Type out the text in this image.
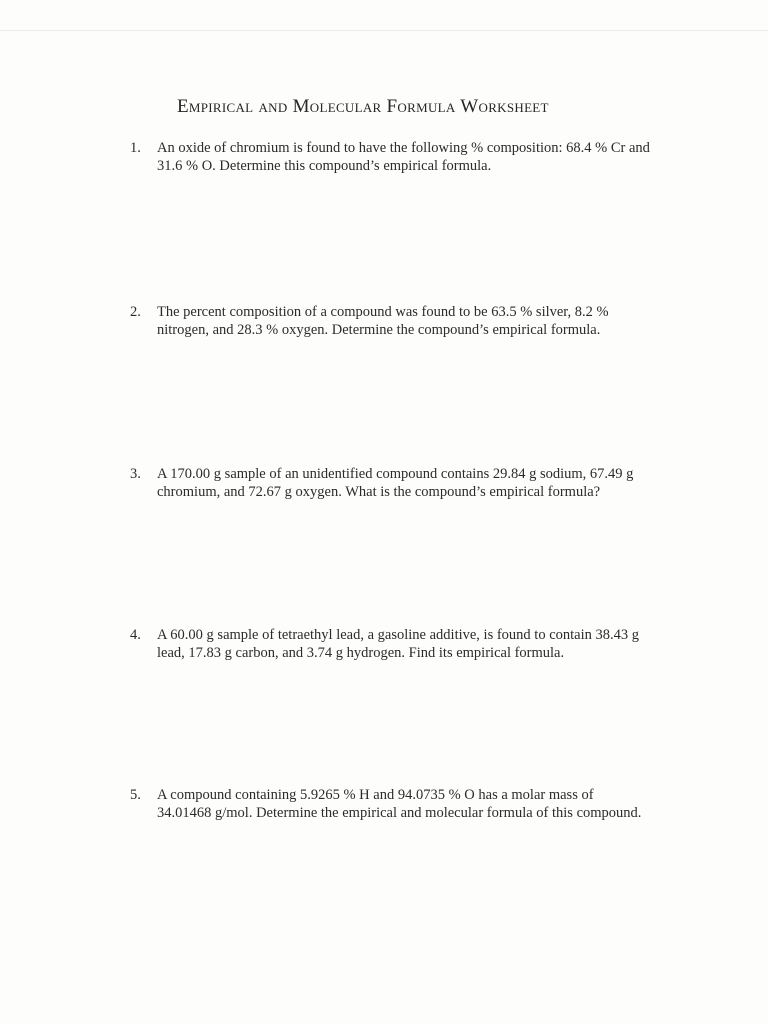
Empirical and Molecular Formula Worksheet
1.	An oxide of chromium is found to have the following % composition: 68.4 % Cr and 31.6 % O. Determine this compound’s empirical formula.
2.	The percent composition of a compound was found to be 63.5 % silver, 8.2 % nitrogen, and 28.3 % oxygen. Determine the compound’s empirical formula.
3.	A 170.00 g sample of an unidentified compound contains 29.84 g sodium, 67.49 g chromium, and 72.67 g oxygen. What is the compound’s empirical formula?
4.	A 60.00 g sample of tetraethyl lead, a gasoline additive, is found to contain 38.43 g lead, 17.83 g carbon, and 3.74 g hydrogen. Find its empirical formula.
5.	A compound containing 5.9265 % H and 94.0735 % O has a molar mass of 34.01468 g/mol. Determine the empirical and molecular formula of this compound.
